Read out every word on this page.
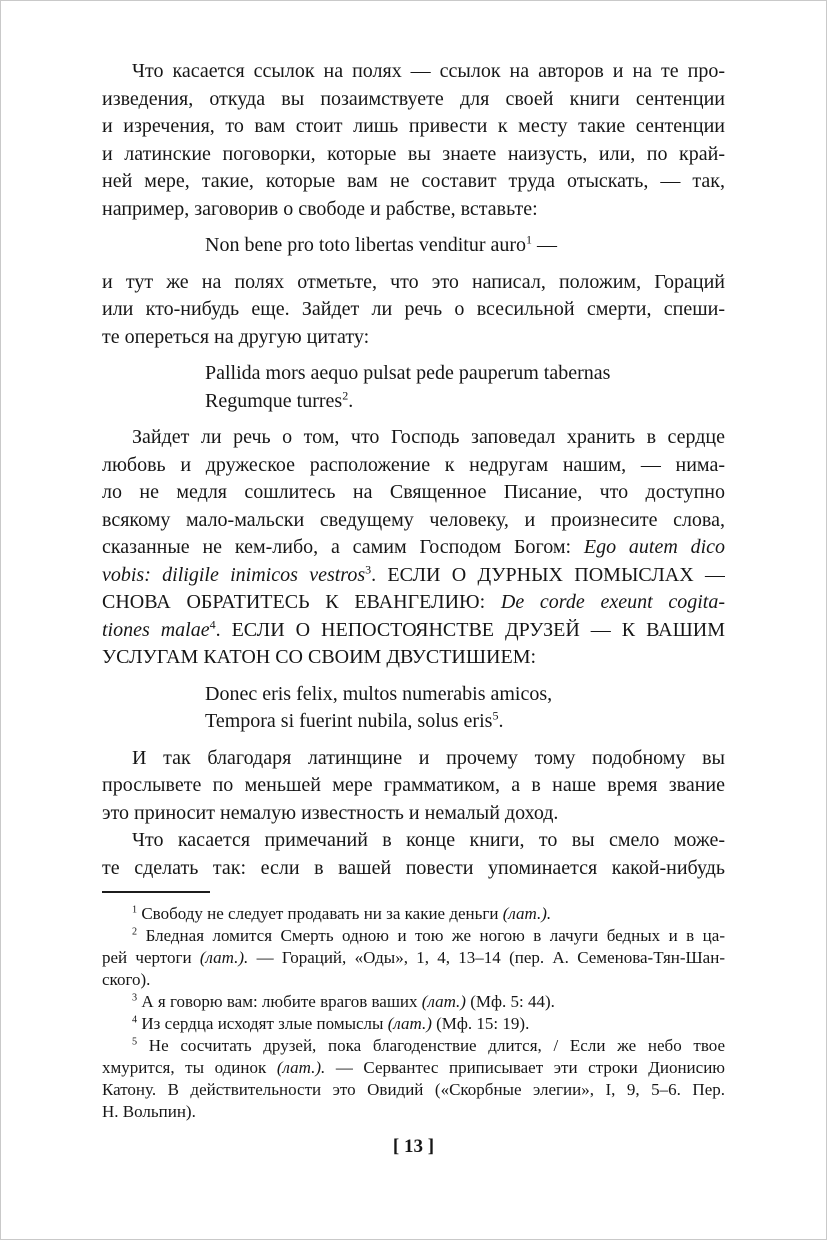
Что касается ссылок на полях — ссылок на авторов и на те про-
изведения, откуда вы позаимствуете для своей книги сентенции
и изречения, то вам стоит лишь привести к месту такие сентенции
и латинские поговорки, которые вы знаете наизусть, или, по край-
ней мере, такие, которые вам не составит труда отыскать, — так,
например, заговорив о свободе и рабстве, вставьте:
Non bene pro toto libertas venditur auro$^1$ —
и тут же на полях отметьте, что это написал, положим, Гораций
или кто-нибудь еще. Зайдет ли речь о всесильной смерти, спеши-
те опереться на другую цитату:
Pallida mors aequo pulsat pede pauperum tabernas
Regumque turres$^2$.
Зайдет ли речь о том, что Господь заповедал хранить в сердце
любовь и дружеское расположение к недругам нашим, — нима-
ло не медля сошлитесь на Священное Писание, что доступно
всякому мало-мальски сведущему человеку, и произнесите слова,
сказанные не кем-либо, а самим Господом Богом: Ego autem dico
vobis: diligile inimicos vestros$^3$. ЕСЛИ О ДУРНЫХ ПОМЫСЛАХ —
СНОВА ОБРАТИТЕСЬ К ЕВАНГЕЛИЮ: De corde exeunt cogita-
tiones malae$^4$. ЕСЛИ О НЕПОСТОЯНСТВЕ ДРУЗЕЙ — К ВАШИМ
УСЛУГАМ КАТОН СО СВОИМ ДВУСТИШИЕМ:
Donec eris felix, multos numerabis amicos,
Tempora si fuerint nubila, solus eris$^5$.
И так благодаря латинщине и прочему тому подобному вы
прослывете по меньшей мере грамматиком, а в наше время звание
это приносит немалую известность и немалый доход.
Что касается примечаний в конце книги, то вы смело може-
те сделать так: если в вашей повести упоминается какой-нибудь
$^1$ Свободу не следует продавать ни за какие деньги (лат.).
$^2$ Бледная ломится Смерть одною и тою же ногою в лачуги бедных и в ца-
рей чертоги (лат.). — Гораций, «Оды», 1, 4, 13–14 (пер. А. Семенова-Тян-Шан-
ского).
$^3$ А я говорю вам: любите врагов ваших (лат.) (Мф. 5: 44).
$^4$ Из сердца исходят злые помыслы (лат.) (Мф. 15: 19).
$^5$ Не сосчитать друзей, пока благоденствие длится, / Если же небо твое
хмурится, ты одинок (лат.). — Сервантес приписывает эти строки Дионисию
Катону. В действительности это Овидий («Скорбные элегии», I, 9, 5–6. Пер.
Н. Вольпин).
[ 13 ]
